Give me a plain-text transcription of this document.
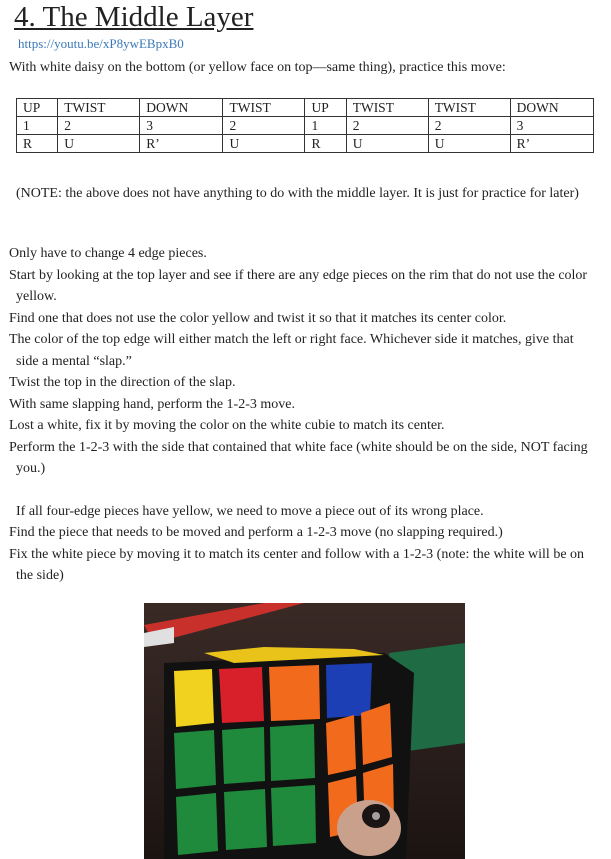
4. The Middle Layer
https://youtu.be/xP8ywEBpxB0
With white daisy on the bottom (or yellow face on top—same thing), practice this move:
UP	TWIST	DOWN	TWIST	UP	TWIST	TWIST	DOWN
1	2	3	2	1	2	2	3
R	U	R’	U	R	U	U	R’
(NOTE: the above does not have anything to do with the middle layer. It is just for practice for later)

Only have to change 4 edge pieces.

Start by looking at the top layer and see if there are any edge pieces on the rim that do not use the color yellow.

Find one that does not use the color yellow and twist it so that it matches its center color.

The color of the top edge will either match the left or right face. Whichever side it matches, give that side a mental “slap.”

Twist the top in the direction of the slap.

With same slapping hand, perform the 1-2-3 move.

Lost a white, fix it by moving the color on the white cubie to match its center.

Perform the 1-2-3 with the side that contained that white face (white should be on the side, NOT facing you.)

If all four-edge pieces have yellow, we need to move a piece out of its wrong place.

Find the piece that needs to be moved and perform a 1-2-3 move (no slapping required.)

Fix the white piece by moving it to match its center and follow with a 1-2-3 (note: the white will be on the side)
